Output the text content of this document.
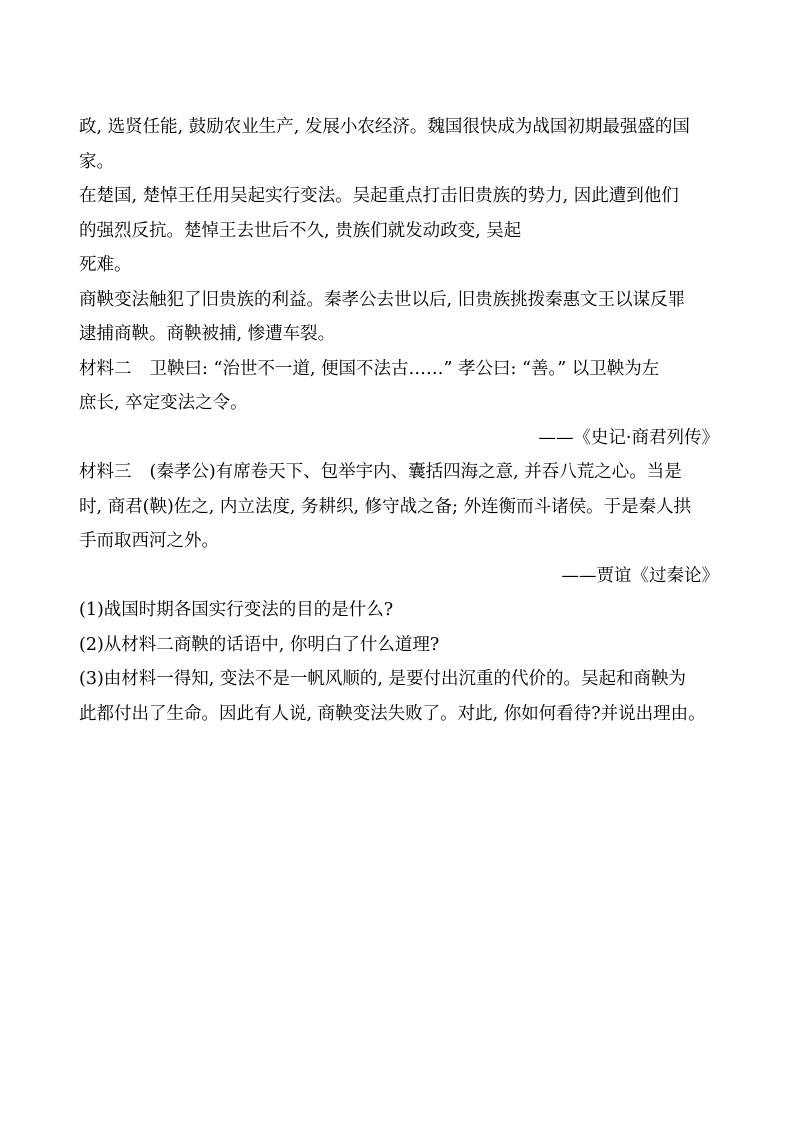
政, 选贤任能, 鼓励农业生产, 发展小农经济。魏国很快成为战国初期最强盛的国
家。
在楚国, 楚悼王任用吴起实行变法。吴起重点打击旧贵族的势力, 因此遭到他们
的强烈反抗。楚悼王去世后不久, 贵族们就发动政变, 吴起
死难。
商鞅变法触犯了旧贵族的利益。秦孝公去世以后, 旧贵族挑拨秦惠文王以谋反罪
逮捕商鞅。商鞅被捕, 惨遭车裂。
材料二 卫鞅曰: “治世不一道, 便国不法古……” 孝公曰: “善。” 以卫鞅为左
庶长, 卒定变法之令。
——《史记·商君列传》
材料三 (秦孝公)有席卷天下、包举宇内、囊括四海之意, 并吞八荒之心。当是
时, 商君(鞅)佐之, 内立法度, 务耕织, 修守战之备; 外连衡而斗诸侯。于是秦人拱
手而取西河之外。
——贾谊《过秦论》
(1)战国时期各国实行变法的目的是什么?
(2)从材料二商鞅的话语中, 你明白了什么道理?
(3)由材料一得知, 变法不是一帆风顺的, 是要付出沉重的代价的。吴起和商鞅为
此都付出了生命。因此有人说, 商鞅变法失败了。对此, 你如何看待?并说出理由。
